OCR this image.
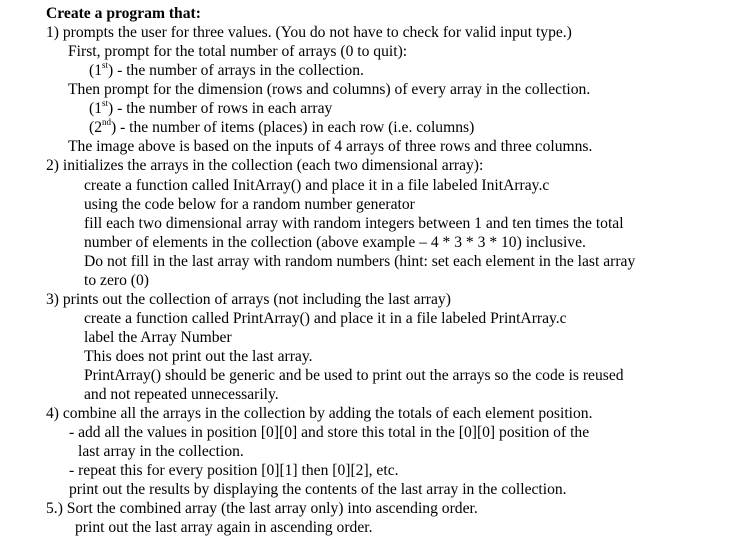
Create a program that:
1) prompts the user for three values. (You do not have to check for valid input type.)
First, prompt for the total number of arrays (0 to quit):
(1st) - the number of arrays in the collection.
Then prompt for the dimension (rows and columns) of every array in the collection.
(1st) - the number of rows in each array
(2nd) - the number of items (places) in each row (i.e. columns)
The image above is based on the inputs of 4 arrays of three rows and three columns.
2) initializes the arrays in the collection (each two dimensional array):
create a function called InitArray() and place it in a file labeled InitArray.c
using the code below for a random number generator
fill each two dimensional array with random integers between 1 and ten times the total
number of elements in the collection (above example – 4 * 3 * 3 * 10) inclusive.
Do not fill in the last array with random numbers (hint: set each element in the last array
to zero (0)
3) prints out the collection of arrays (not including the last array)
create a function called PrintArray() and place it in a file labeled PrintArray.c
label the Array Number
This does not print out the last array.
PrintArray() should be generic and be used to print out the arrays so the code is reused
and not repeated unnecessarily.
4) combine all the arrays in the collection by adding the totals of each element position.
- add all the values in position [0][0] and store this total in the [0][0] position of the
last array in the collection.
- repeat this for every position [0][1] then [0][2], etc.
print out the results by displaying the contents of the last array in the collection.
5.) Sort the combined array (the last array only) into ascending order.
print out the last array again in ascending order.
